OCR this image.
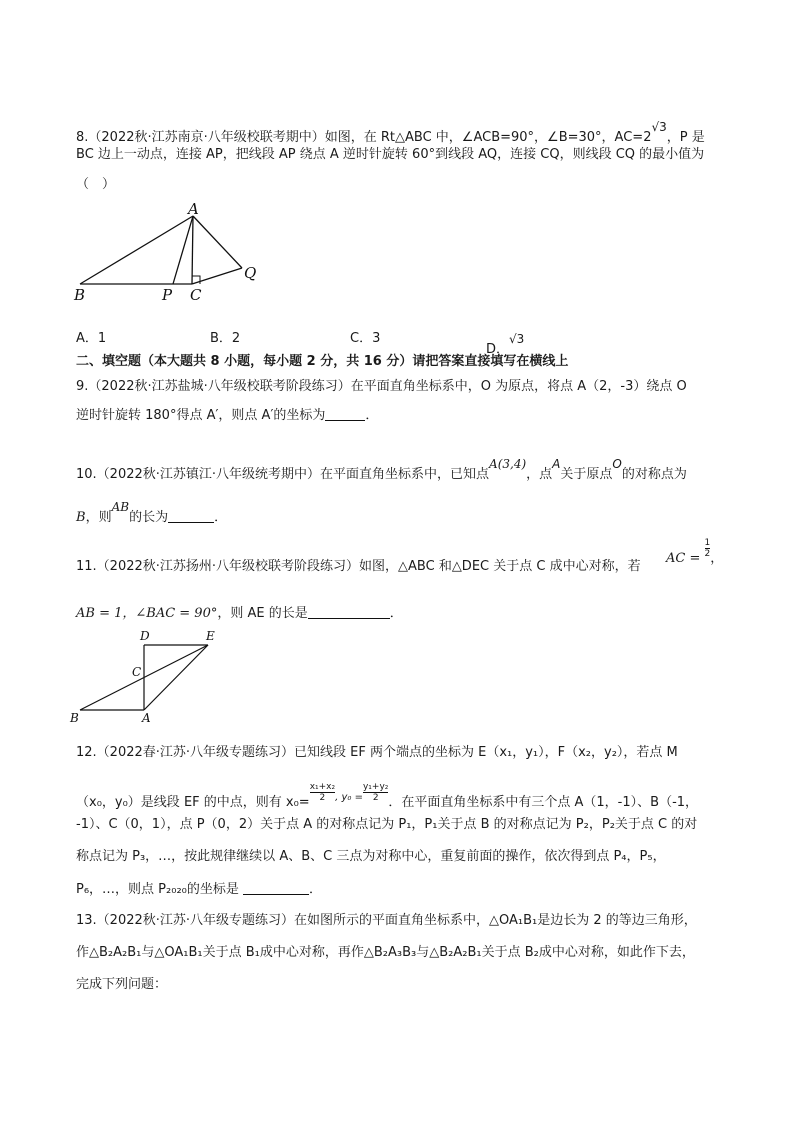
8.（2022秋·江苏南京·八年级校联考期中）如图，在 Rt△ABC 中，∠ACB=90°，∠B=30°，AC=2√3，P 是
BC 边上一动点，连接 AP，把线段 AP 绕点 A 逆时针旋转 60°到线段 AQ，连接 CQ，则线段 CQ 的最小值为
（　）
A
B	P C
Q
A．1	B．2	C．3
D．√3
二、填空题（本大题共 8 小题，每小题 2 分，共 16 分）请把答案直接填写在横线上
9.（2022秋·江苏盐城·八年级校联考阶段练习）在平面直角坐标系中，O 为原点，将点 A（2，-3）绕点 O
逆时针旋转 180°得点 A′，则点 A′的坐标为	．
10.（2022秋·江苏镇江·八年级统考期中）在平面直角坐标系中，已知点A(3,4)，点A关于原点O的对称点为
B，则AB的长为	．
11.（2022秋·江苏扬州·八年级校联考阶段练习）如图，△ABC 和△DEC 关于点 C 成中心对称，若
AC = $\frac{1}{2}$ ，
AB = 1，∠BAC = 90°，则 AE 的长是	．
D	E
C
B	A
12.（2022春·江苏·八年级专题练习）已知线段 EF 两个端点的坐标为 E（x₁，y₁），F（x₂，y₂），若点 M
（x₀，y₀）是线段 EF 的中点，则有 $x_0= \frac{\text{x₁+x₂}}{2} ^{, y_0 =} \frac{\text{y₁+y₂}}{2}$ ．在平面直角坐标系中有三个点 A（1，-1）、B（-1，
-1）、C（0，1），点 P（0，2）关于点 A 的对称点记为 P₁，P₁关于点 B 的对称点记为 P₂，P₂关于点 C 的对
称点记为 P₃，…，按此规律继续以 A、B、C 三点为对称中心，重复前面的操作，依次得到点 P₄，P₅，
P₆，…，则点 P₂₀₂₀的坐标是	．
13.（2022秋·江苏·八年级专题练习）在如图所示的平面直角坐标系中，△OA₁B₁是边长为 2 的等边三角形，
作△B₂A₂B₁与△OA₁B₁关于点 B₁成中心对称，再作△B₂A₃B₃与△B₂A₂B₁关于点 B₂成中心对称，如此作下去，
完成下列问题：
